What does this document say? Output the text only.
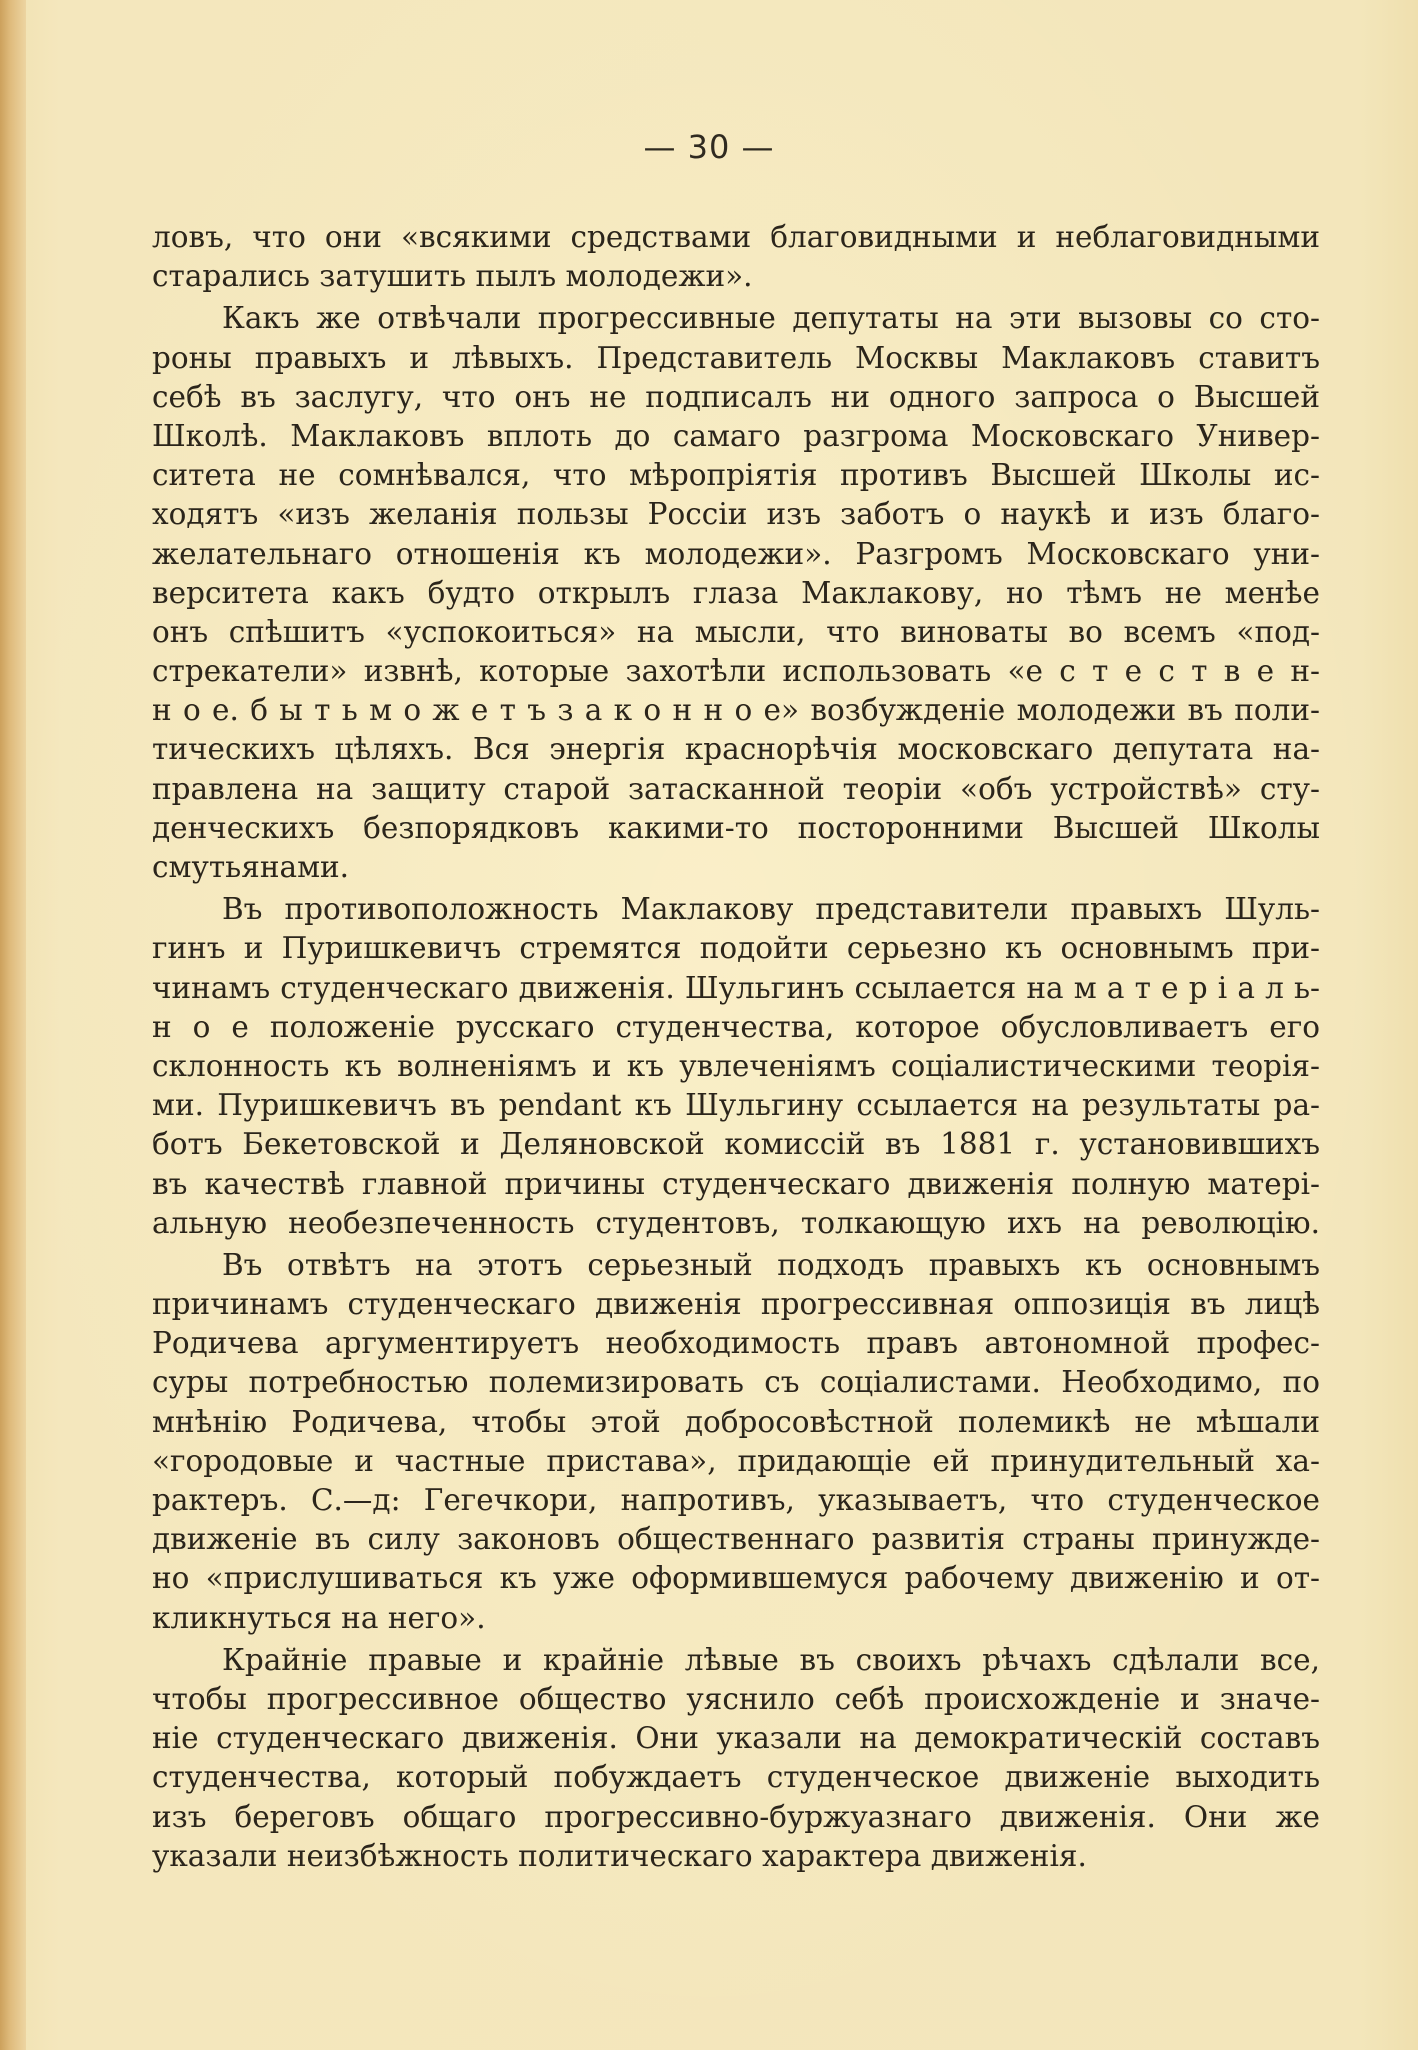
— 30 —
ловъ, что они «всякими средствами благовидными и неблаговидными
старались затушить пылъ молодежи».
Какъ же отвѣчали прогрессивные депутаты на эти вызовы со сто-
роны правыхъ и лѣвыхъ. Представитель Москвы Маклаковъ ставитъ
себѣ въ заслугу, что онъ не подписалъ ни одного запроса о Высшей
Школѣ. Маклаковъ вплоть до самаго разгрома Московскаго Универ-
ситета не сомнѣвался, что мѣропріятія противъ Высшей Школы ис-
ходятъ «изъ желанія пользы Россіи изъ заботъ о наукѣ и изъ благо-
желательнаго отношенія къ молодежи». Разгромъ Московскаго уни-
верситета какъ будто открылъ глаза Маклакову, но тѣмъ не менѣе
онъ спѣшитъ «успокоиться» на мысли, что виноваты во всемъ «под-
стрекатели» извнѣ, которые захотѣли использовать «е с т е с т в е н-
н о е. б ы т ь м о ж е т ъ з а к о н н о е» возбужденіе молодежи въ поли-
тическихъ цѣляхъ. Вся энергія краснорѣчія московскаго депутата на-
правлена на защиту старой затасканной теоріи «объ устройствѣ» сту-
денческихъ безпорядковъ какими-то посторонними Высшей Школы
смутьянами.
Въ противоположность Маклакову представители правыхъ Шуль-
гинъ и Пуришкевичъ стремятся подойти серьезно къ основнымъ при-
чинамъ студенческаго движенія. Шульгинъ ссылается на м а т е р і а л ь-
н о е положеніе русскаго студенчества, которое обусловливаетъ его
склонность къ волненіямъ и къ увлеченіямъ соціалистическими теорія-
ми. Пуришкевичъ въ pendant къ Шульгину ссылается на результаты ра-
ботъ Бекетовской и Деляновской комиссій въ 1881 г. установившихъ
въ качествѣ главной причины студенческаго движенія полную матері-
альную необезпеченность студентовъ, толкающую ихъ на революцію.
Въ отвѣтъ на этотъ серьезный подходъ правыхъ къ основнымъ
причинамъ студенческаго движенія прогрессивная оппозиція въ лицѣ
Родичева аргументируетъ необходимость правъ автономной профес-
суры потребностью полемизировать съ соціалистами. Необходимо, по
мнѣнію Родичева, чтобы этой добросовѣстной полемикѣ не мѣшали
«городовые и частные пристава», придающіе ей принудительный ха-
рактеръ. С.—д: Гегечкори, напротивъ, указываетъ, что студенческое
движеніе въ силу законовъ общественнаго развитія страны принужде-
но «прислушиваться къ уже оформившемуся рабочему движенію и от-
кликнуться на него».
Крайніе правые и крайніе лѣвые въ своихъ рѣчахъ сдѣлали все,
чтобы прогрессивное общество уяснило себѣ происхожденіе и значе-
ніе студенческаго движенія. Они указали на демократическій составъ
студенчества, который побуждаетъ студенческое движеніе выходить
изъ береговъ общаго прогрессивно-буржуазнаго движенія. Они же
указали неизбѣжность политическаго характера движенія.
